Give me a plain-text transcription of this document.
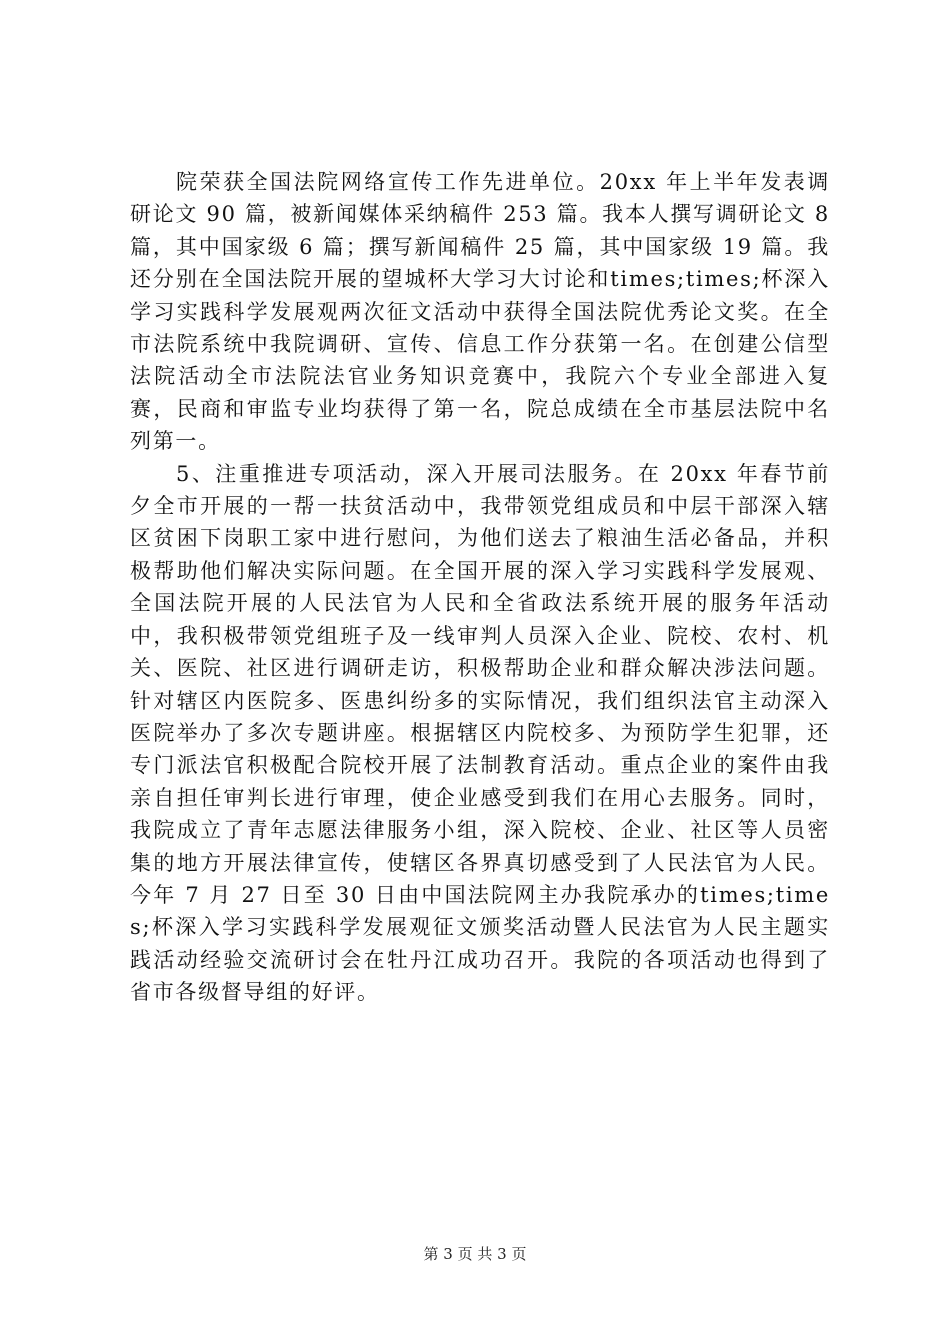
院荣获全国法院网络宣传工作先进单位。20xx 年上半年发表调研论文 90 篇，被新闻媒体采纳稿件 253 篇。我本人撰写调研论文 8 篇，其中国家级 6 篇；撰写新闻稿件 25 篇，其中国家级 19 篇。我还分别在全国法院开展的望城杯大学习大讨论和times;times;杯深入学习实践科学发展观两次征文活动中获得全国法院优秀论文奖。在全市法院系统中我院调研、宣传、信息工作分获第一名。在创建公信型法院活动全市法院法官业务知识竞赛中，我院六个专业全部进入复赛，民商和审监专业均获得了第一名，院总成绩在全市基层法院中名列第一。

5、注重推进专项活动，深入开展司法服务。在 20xx 年春节前夕全市开展的一帮一扶贫活动中，我带领党组成员和中层干部深入辖区贫困下岗职工家中进行慰问，为他们送去了粮油生活必备品，并积极帮助他们解决实际问题。在全国开展的深入学习实践科学发展观、全国法院开展的人民法官为人民和全省政法系统开展的服务年活动中，我积极带领党组班子及一线审判人员深入企业、院校、农村、机关、医院、社区进行调研走访，积极帮助企业和群众解决涉法问题。针对辖区内医院多、医患纠纷多的实际情况，我们组织法官主动深入医院举办了多次专题讲座。根据辖区内院校多、为预防学生犯罪，还专门派法官积极配合院校开展了法制教育活动。重点企业的案件由我亲自担任审判长进行审理，使企业感受到我们在用心去服务。同时，我院成立了青年志愿法律服务小组，深入院校、企业、社区等人员密集的地方开展法律宣传，使辖区各界真切感受到了人民法官为人民。今年 7 月 27 日至 30 日由中国法院网主办我院承办的times;times;杯深入学习实践科学发展观征文颁奖活动暨人民法官为人民主题实践活动经验交流研讨会在牡丹江成功召开。我院的各项活动也得到了省市各级督导组的好评。

第 3 页 共 3 页
